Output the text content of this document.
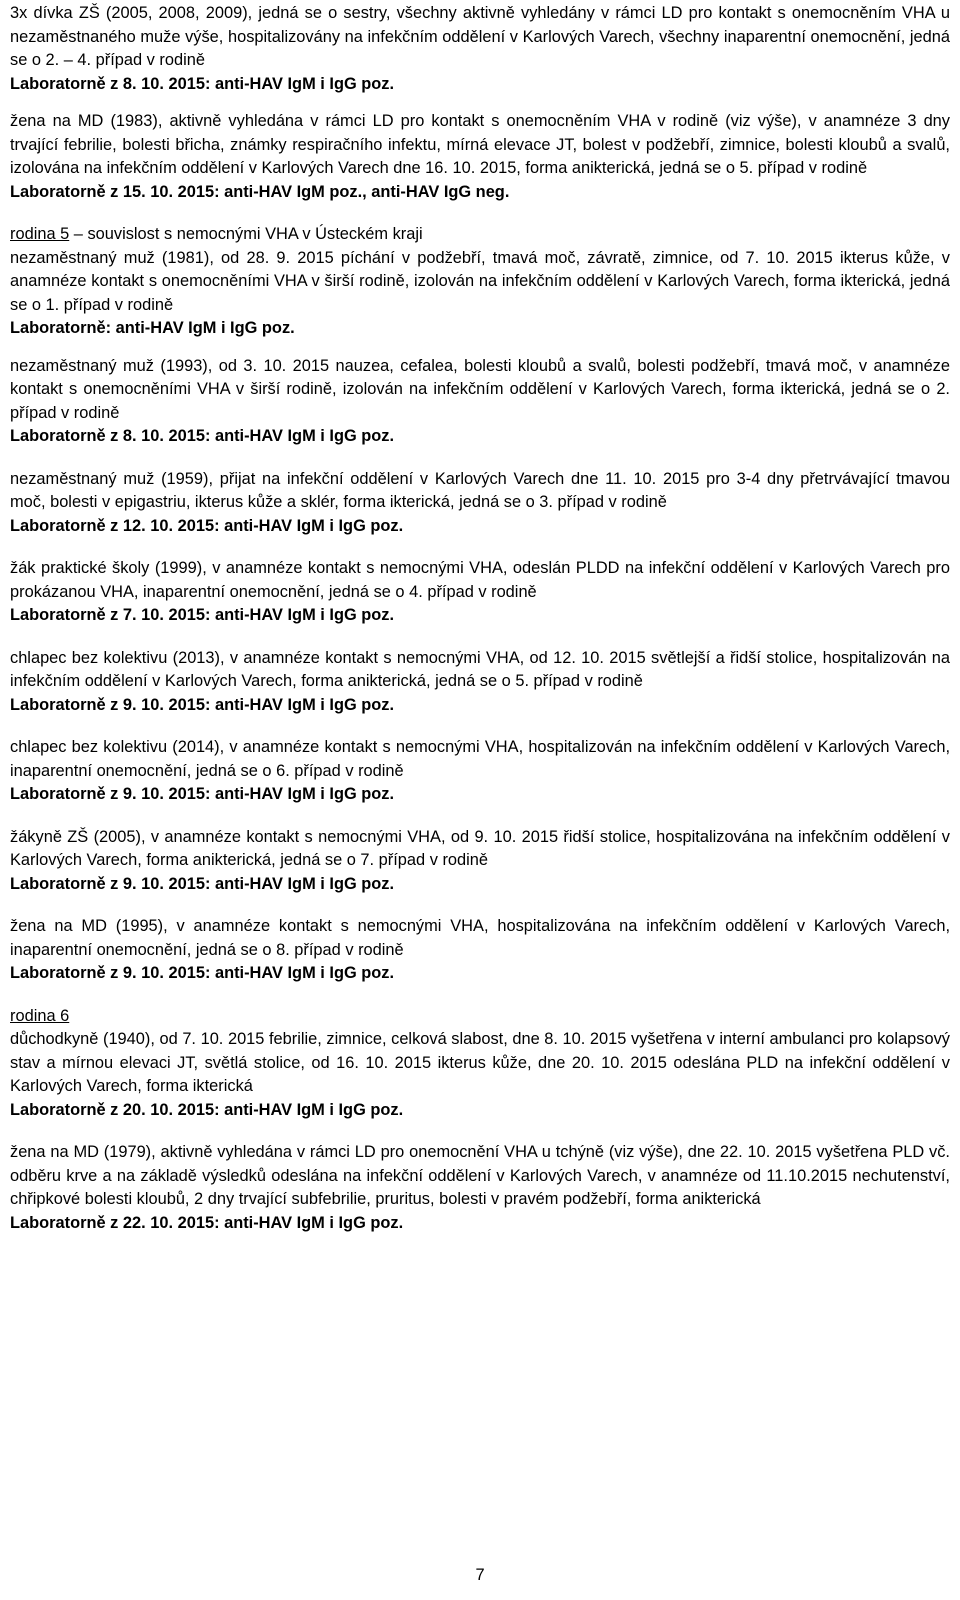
3x dívka ZŠ (2005, 2008, 2009), jedná se o sestry, všechny aktivně vyhledány v rámci LD pro kontakt s onemocněním VHA u nezaměstnaného mužе výše, hospitalizovány na infekčním oddělení v Karlových Varech, všechny inaparentní onemocnění, jedná se o 2. – 4. případ v rodině

Laboratorně z 8. 10. 2015: anti-HAV IgM i IgG poz.

žena na MD (1983), aktivně vyhledána v rámci LD pro kontakt s onemocněním VHA v rodině (viz výše), v anamnéze 3 dny trvající febrilie, bolesti břicha, známky respiračního infektu, mírná elevace JT, bolest v podžebří, zimnice, bolesti kloubů a svalů, izolována na infekčním oddělení v Karlových Varech dne 16. 10. 2015, forma anikterická, jedná se o 5. případ v rodině

Laboratorně z 15. 10. 2015: anti-HAV IgM poz., anti-HAV IgG neg.

rodina 5 – souvislost s nemocnými VHA v Ústeckém kraji

nezaměstnaný muž (1981), od 28. 9. 2015 píchání v podžebří, tmavá moč, závratě, zimnice, od 7. 10. 2015 ikterus kůže, v anamnéze kontakt s onemocněními VHA v širší rodině, izolován na infekčním oddělení v Karlových Varech, forma ikterická, jedná se o 1. případ v rodině

Laboratorně: anti-HAV IgM i IgG poz.

nezaměstnaný muž (1993), od 3. 10. 2015 nauzea, cefalea, bolesti kloubů a svalů, bolesti podžebří, tmavá moč, v anamnéze kontakt s onemocněními VHA v širší rodině, izolován na infekčním oddělení v Karlových Varech, forma ikterická, jedná se o 2. případ v rodině

Laboratorně z 8. 10. 2015: anti-HAV IgM i IgG poz.

nezaměstnaný muž (1959), přijat na infekční oddělení v Karlových Varech dne 11. 10. 2015 pro 3-4 dny přetrvávající tmavou moč, bolesti v epigastriu, ikterus kůže a sklér, forma ikterická, jedná se o 3. případ v rodině

Laboratorně z 12. 10. 2015: anti-HAV IgM i IgG poz.

žák praktické školy (1999), v anamnéze kontakt s nemocnými VHA, odeslán PLDD na infekční oddělení v Karlových Varech pro prokázanou VHA, inaparentní onemocnění, jedná se o 4. případ v rodině

Laboratorně z 7. 10. 2015: anti-HAV IgM i IgG poz.

chlapec bez kolektivu (2013), v anamnéze kontakt s nemocnými VHA, od 12. 10. 2015 světlejší a řidší stolice, hospitalizován na infekčním oddělení v Karlových Varech, forma anikterická, jedná se o 5. případ v rodině

Laboratorně z 9. 10. 2015: anti-HAV IgM i IgG poz.

chlapec bez kolektivu (2014), v anamnéze kontakt s nemocnými VHA, hospitalizován na infekčním oddělení v Karlových Varech, inaparentní onemocnění, jedná se o 6. případ v rodině

Laboratorně z 9. 10. 2015: anti-HAV IgM i IgG poz.

žákyně ZŠ (2005), v anamnéze kontakt s nemocnými VHA, od 9. 10. 2015 řidší stolice, hospitalizována na infekčním oddělení v Karlových Varech, forma anikterická, jedná se o 7. případ v rodině

Laboratorně z 9. 10. 2015: anti-HAV IgM i IgG poz.

žena na MD (1995), v anamnéze kontakt s nemocnými VHA, hospitalizována na infekčním oddělení v Karlových Varech, inaparentní onemocnění, jedná se o 8. případ v rodině

Laboratorně z 9. 10. 2015: anti-HAV IgM i IgG poz.

rodina 6

důchodkyně (1940), od 7. 10. 2015 febrilie, zimnice, celková slabost, dne 8. 10. 2015 vyšetřena v interní ambulanci pro kolapsový stav a mírnou elevaci JT, světlá stolice, od 16. 10. 2015 ikterus kůže, dne 20. 10. 2015 odeslána PLD na infekční oddělení v Karlových Varech, forma ikterická

Laboratorně z 20. 10. 2015: anti-HAV IgM i IgG poz.

žena na MD (1979), aktivně vyhledána v rámci LD pro onemocnění VHA u tchýně (viz výše), dne 22. 10. 2015 vyšetřena PLD vč. odběru krve a na základě výsledků odeslána na infekční oddělení v Karlových Varech, v anamnéze od 11.10.2015 nechutenství, chřipkové bolesti kloubů, 2 dny trvající subfebrilie, pruritus, bolesti v pravém podžebří, forma anikterická

Laboratorně z 22. 10. 2015: anti-HAV IgM i IgG poz.

7
